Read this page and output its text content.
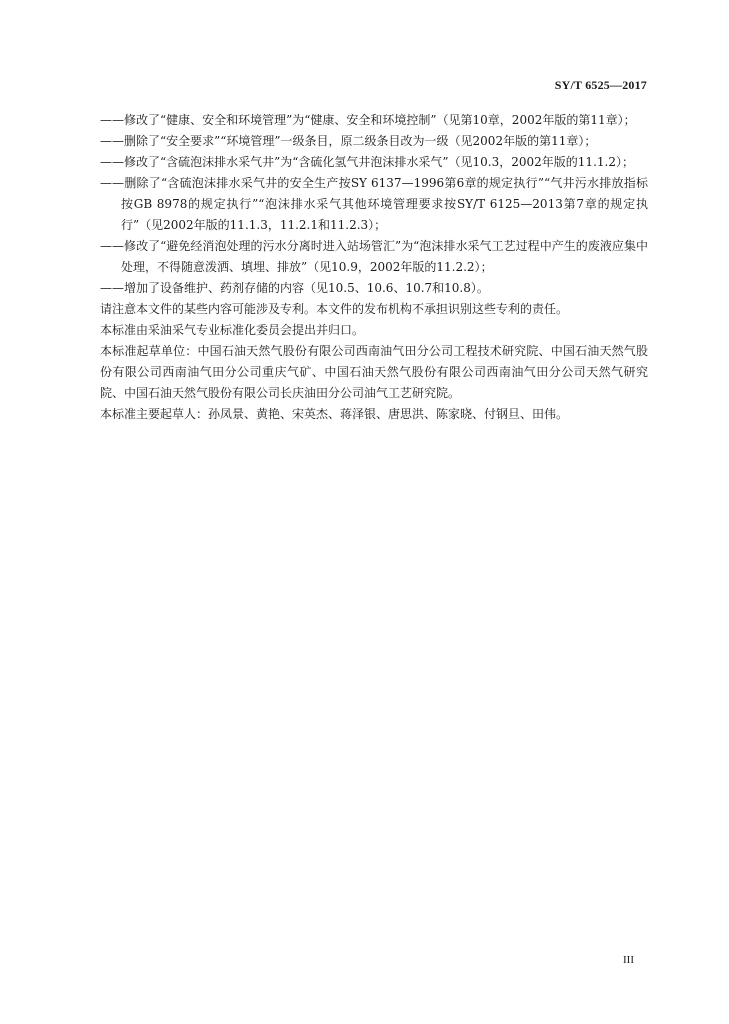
SY/T 6525—2017
——修改了“健康、安全和环境管理”为“健康、安全和环境控制”（见第10章，2002年版的第11章）；
——删除了“安全要求”“环境管理”一级条目，原二级条目改为一级（见2002年版的第11章）；
——修改了“含硫泡沫排水采气井”为“含硫化氢气井泡沫排水采气”（见10.3，2002年版的11.1.2）；
——删除了“含硫泡沫排水采气井的安全生产按SY 6137—1996第6章的规定执行”“气井污水排放指标按GB 8978的规定执行”“泡沫排水采气其他环境管理要求按SY/T 6125—2013第7章的规定执行”（见2002年版的11.1.3，11.2.1和11.2.3）；
——修改了“避免经消泡处理的污水分离时进入站场管汇”为“泡沫排水采气工艺过程中产生的废液应集中处理，不得随意泼洒、填埋、排放”（见10.9，2002年版的11.2.2）；
——增加了设备维护、药剂存储的内容（见10.5、10.6、10.7和10.8）。
请注意本文件的某些内容可能涉及专利。本文件的发布机构不承担识别这些专利的责任。
本标准由采油采气专业标准化委员会提出并归口。
本标准起草单位：中国石油天然气股份有限公司西南油气田分公司工程技术研究院、中国石油天然气股份有限公司西南油气田分公司重庆气矿、中国石油天然气股份有限公司西南油气田分公司天然气研究院、中国石油天然气股份有限公司长庆油田分公司油气工艺研究院。
本标准主要起草人：孙凤景、黄艳、宋英杰、蒋泽银、唐思洪、陈家晓、付钢旦、田伟。
III
